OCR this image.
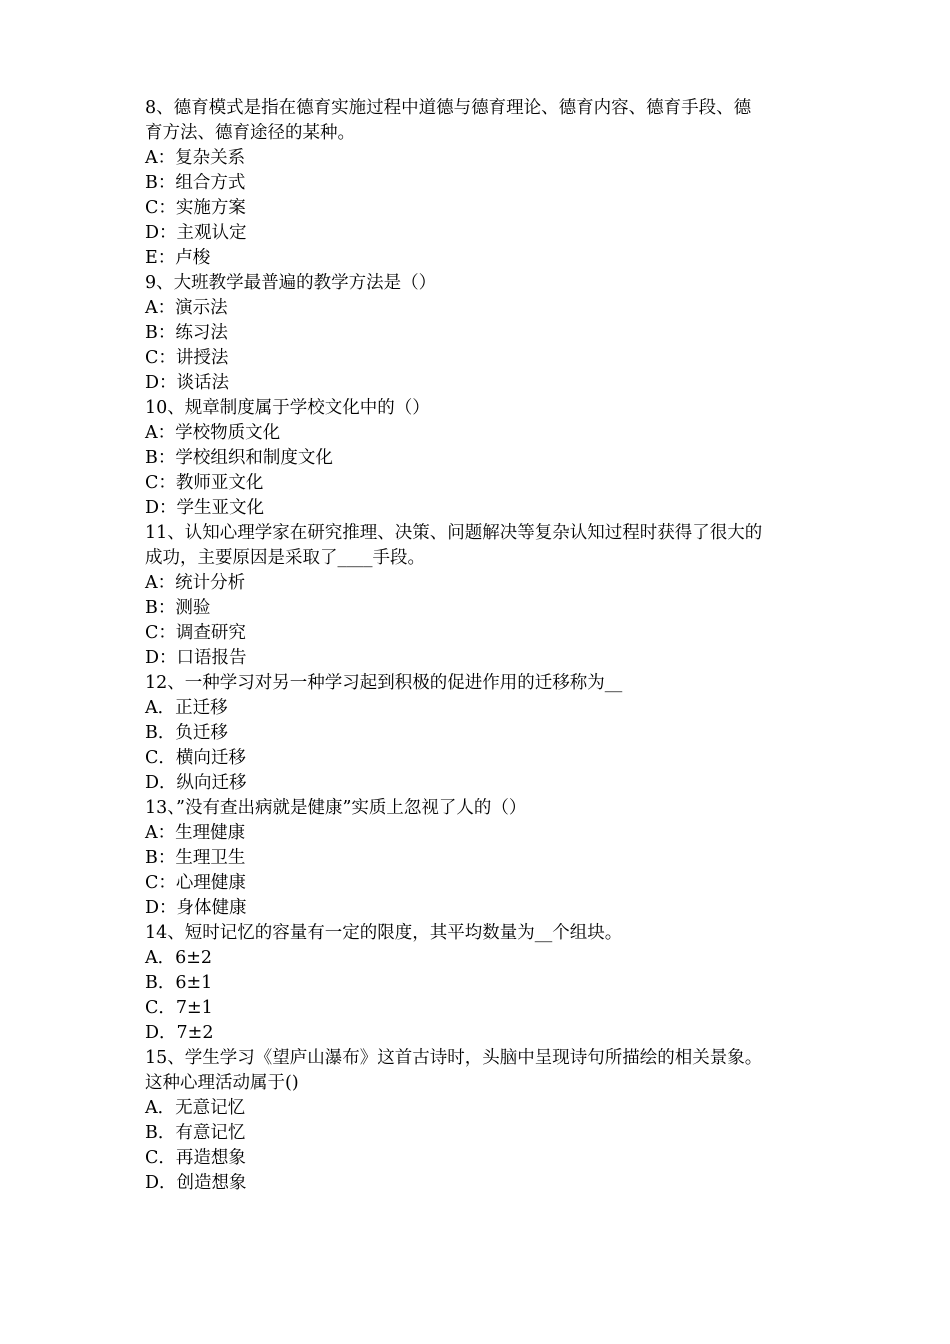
8、德育模式是指在德育实施过程中道德与德育理论、德育内容、德育手段、德
育方法、德育途径的某种。
A：复杂关系
B：组合方式
C：实施方案
D：主观认定
E：卢梭
9、大班教学最普遍的教学方法是（）
A：演示法
B：练习法
C：讲授法
D：谈话法
10、规章制度属于学校文化中的（）
A：学校物质文化
B：学校组织和制度文化
C：教师亚文化
D：学生亚文化
11、认知心理学家在研究推理、决策、问题解决等复杂认知过程时获得了很大的
成功，主要原因是采取了____手段。
A：统计分析
B：测验
C：调查研究
D：口语报告
12、一种学习对另一种学习起到积极的促进作用的迁移称为__
A．正迁移
B．负迁移
C．横向迁移
D．纵向迁移
13、”没有查出病就是健康”实质上忽视了人的（）
A：生理健康
B：生理卫生
C：心理健康
D：身体健康
14、短时记忆的容量有一定的限度，其平均数量为__个组块。
A．6±2
B．6±1
C．7±1
D．7±2
15、学生学习《望庐山瀑布》这首古诗时，头脑中呈现诗句所描绘的相关景象。
这种心理活动属于()
A．无意记忆
B．有意记忆
C．再造想象
D．创造想象
